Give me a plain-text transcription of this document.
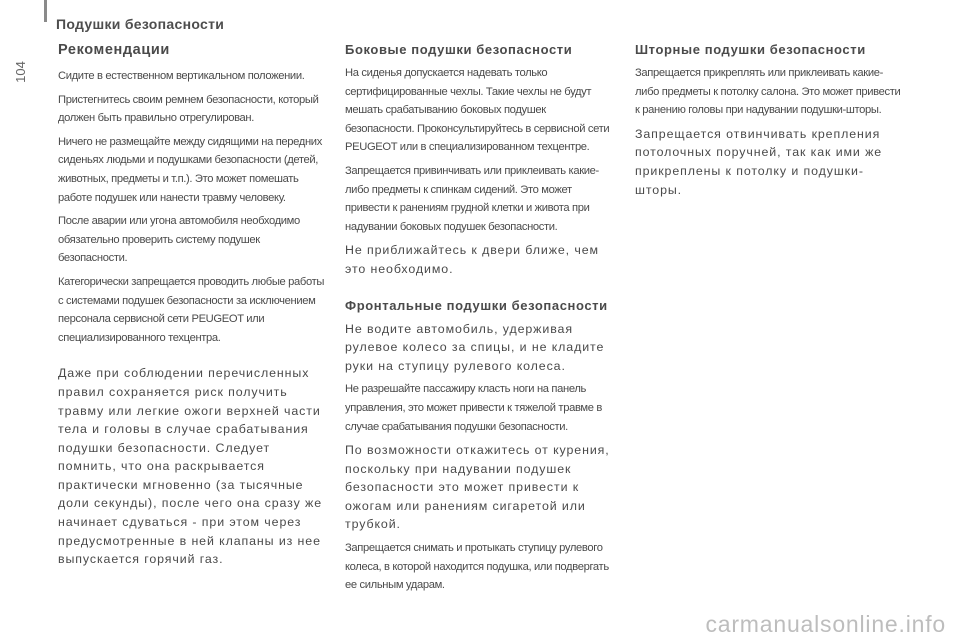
Подушки безопасности
104
Рекомендации

Сидите в естественном вертикальном положении.

Пристегнитесь своим ремнем безопасности, который должен быть правильно отрегулирован.

Ничего не размещайте между сидящими на передних сиденьях людьми и подушками безопасности (детей, животных, предметы и т.п.). Это может помешать работе подушек или нанести травму человеку.

После аварии или угона автомобиля необходимо обязательно проверить систему подушек безопасности.

Категорически запрещается проводить любые работы с системами подушек безопасности за исключением персонала сервисной сети PEUGEOT или специализированного техцентра.

Даже при соблюдении перечисленных правил сохраняется риск получить травму или легкие ожоги верхней части тела и головы в случае срабатывания подушки безопасности. Следует помнить, что она раскрывается практически мгновенно (за тысячные доли секунды), после чего она сразу же начинает сдуваться - при этом через предусмотренные в ней клапаны из нее выпускается горячий газ.

Боковые подушки безопасности

На сиденья допускается надевать только сертифицированные чехлы. Такие чехлы не будут мешать срабатыванию боковых подушек безопасности. Проконсультируйтесь в сервисной сети PEUGEOT или в специализированном техцентре.

Запрещается привинчивать или приклеивать какие-либо предметы к спинкам сидений. Это может привести к ранениям грудной клетки и живота при надувании боковых подушек безопасности.

Не приближайтесь к двери ближе, чем это необходимо.

Фронтальные подушки безопасности

Не водите автомобиль, удерживая рулевое колесо за спицы, и не кладите руки на ступицу рулевого колеса.

Не разрешайте пассажиру класть ноги на панель управления, это может привести к тяжелой травме в случае срабатывания подушки безопасности.

По возможности откажитесь от курения, поскольку при надувании подушек безопасности это может привести к ожогам или ранениям сигаретой или трубкой.

Запрещается снимать и протыкать ступицу рулевого колеса, в которой находится подушка, или подвергать ее сильным ударам.

Шторные подушки безопасности

Запрещается прикреплять или приклеивать какие-либо предметы к потолку салона. Это может привести к ранению головы при надувании подушки-шторы.

Запрещается отвинчивать крепления потолочных поручней, так как ими же прикреплены к потолку и подушки-шторы.

carmanualsonline.info
